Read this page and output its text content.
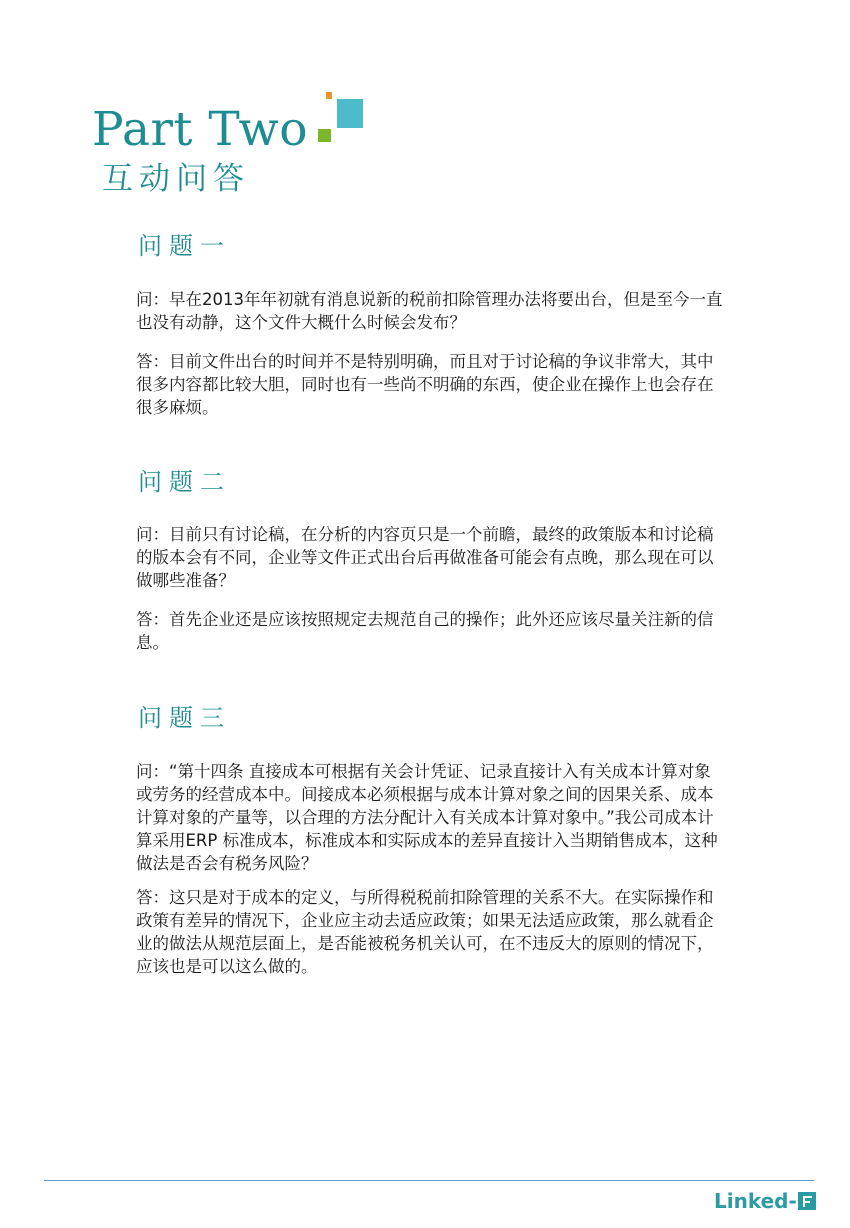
Part Two
互动问答
问题一
问：早在2013年年初就有消息说新的税前扣除管理办法将要出台，但是至今一直也没有动静，这个文件大概什么时候会发布？
答：目前文件出台的时间并不是特别明确，而且对于讨论稿的争议非常大，其中很多内容都比较大胆，同时也有一些尚不明确的东西，使企业在操作上也会存在很多麻烦。
问题二
问：目前只有讨论稿，在分析的内容页只是一个前瞻，最终的政策版本和讨论稿的版本会有不同，企业等文件正式出台后再做准备可能会有点晚，那么现在可以做哪些准备？
答：首先企业还是应该按照规定去规范自己的操作；此外还应该尽量关注新的信息。
问题三
问：“第十四条 直接成本可根据有关会计凭证、记录直接计入有关成本计算对象或劳务的经营成本中。间接成本必须根据与成本计算对象之间的因果关系、成本计算对象的产量等，以合理的方法分配计入有关成本计算对象中。”我公司成本计算采用ERP 标准成本，标准成本和实际成本的差异直接计入当期销售成本，这种做法是否会有税务风险？
答：这只是对于成本的定义，与所得税税前扣除管理的关系不大。在实际操作和政策有差异的情况下，企业应主动去适应政策；如果无法适应政策，那么就看企业的做法从规范层面上，是否能被税务机关认可，在不违反大的原则的情况下，应该也是可以这么做的。
Linked-
